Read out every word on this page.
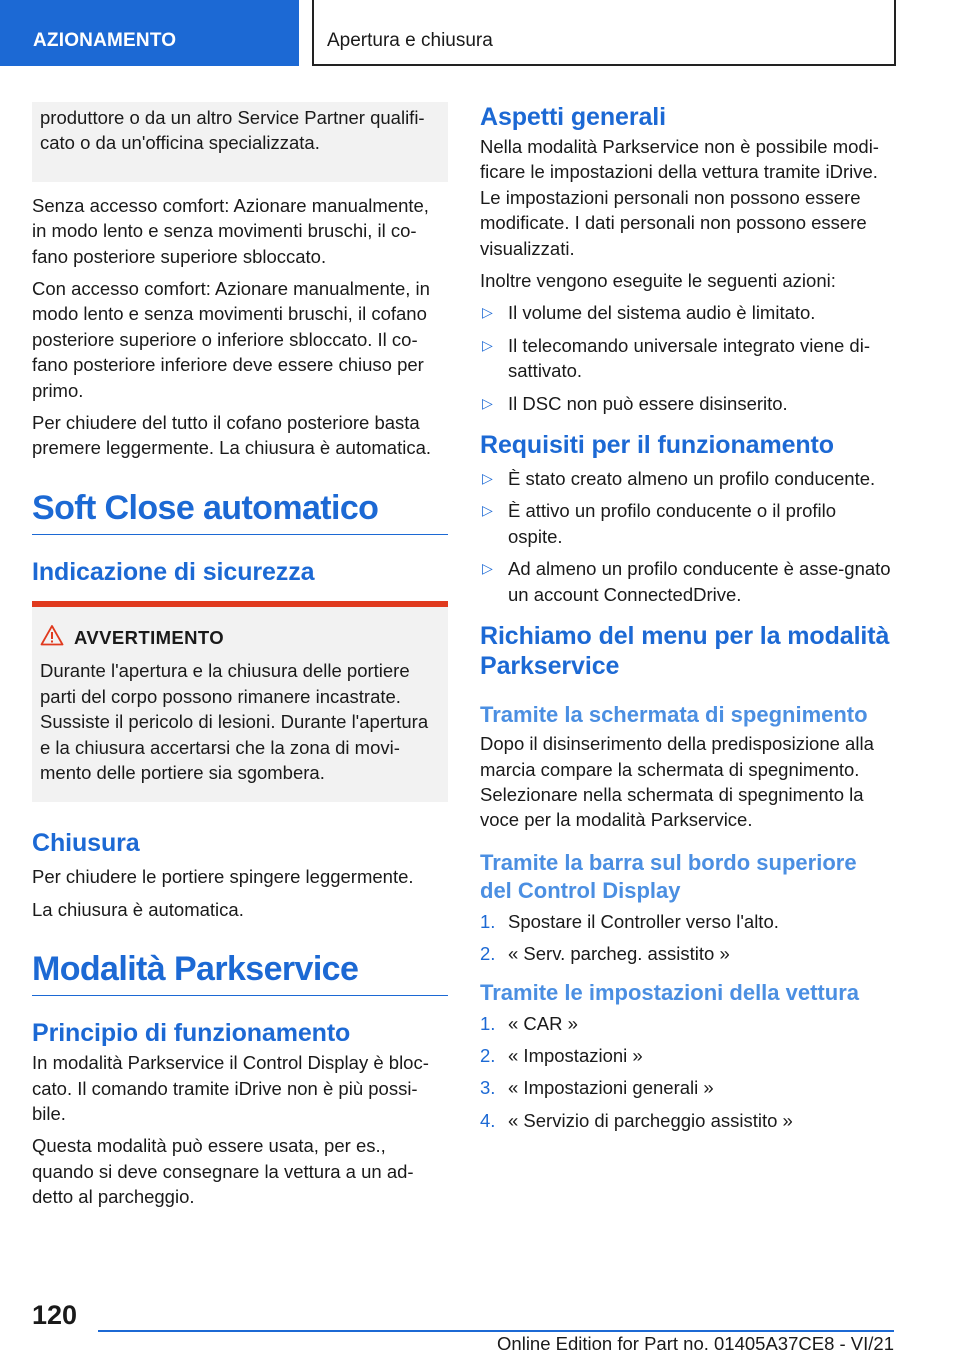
AZIONAMENTO	Apertura e chiusura

produttore o da un altro Service Partner qualifi-cato o da un'officina specializzata.

Senza accesso comfort: Azionare manualmente, in modo lento e senza movimenti bruschi, il co-fano posteriore superiore sbloccato.

Con accesso comfort: Azionare manualmente, in modo lento e senza movimenti bruschi, il cofano posteriore superiore o inferiore sbloccato. Il co-fano posteriore inferiore deve essere chiuso per primo.

Per chiudere del tutto il cofano posteriore basta premere leggermente. La chiusura è automatica.

Soft Close automatico
Indicazione di sicurezza
AVVERTIMENTO

Durante l'apertura e la chiusura delle portiere parti del corpo possono rimanere incastrate. Sussiste il pericolo di lesioni. Durante l'apertura e la chiusura accertarsi che la zona di movi-mento delle portiere sia sgombera.

Chiusura

Per chiudere le portiere spingere leggermente.

La chiusura è automatica.

Modalità Parkservice
Principio di funzionamento

In modalità Parkservice il Control Display è bloc-cato. Il comando tramite iDrive non è più possi-bile.

Questa modalità può essere usata, per es., quando si deve consegnare la vettura a un ad-detto al parcheggio.

Aspetti generali

Nella modalità Parkservice non è possibile modi-ficare le impostazioni della vettura tramite iDrive. Le impostazioni personali non possono essere modificate. I dati personali non possono essere visualizzati.

Inoltre vengono eseguite le seguenti azioni:

▷ Il volume del sistema audio è limitato.
▷ Il telecomando universale integrato viene di-sattivato.
▷ Il DSC non può essere disinserito.
Requisiti per il funzionamento
▷ È stato creato almeno un profilo conducente.
▷ È attivo un profilo conducente o il profilo ospite.
▷ Ad almeno un profilo conducente è asse-gnato un account ConnectedDrive.
Richiamo del menu per la modalità Parkservice
Tramite la schermata di spegnimento

Dopo il disinserimento della predisposizione alla marcia compare la schermata di spegnimento. Selezionare nella schermata di spegnimento la voce per la modalità Parkservice.

Tramite la barra sul bordo superiore del Control Display
1. Spostare il Controller verso l'alto.
2. « Serv. parcheg. assistito »
Tramite le impostazioni della vettura
1. « CAR »
2. « Impostazioni »
3. « Impostazioni generali »
4. « Servizio di parcheggio assistito »
120
Online Edition for Part no. 01405A37CE8 - VI/21
